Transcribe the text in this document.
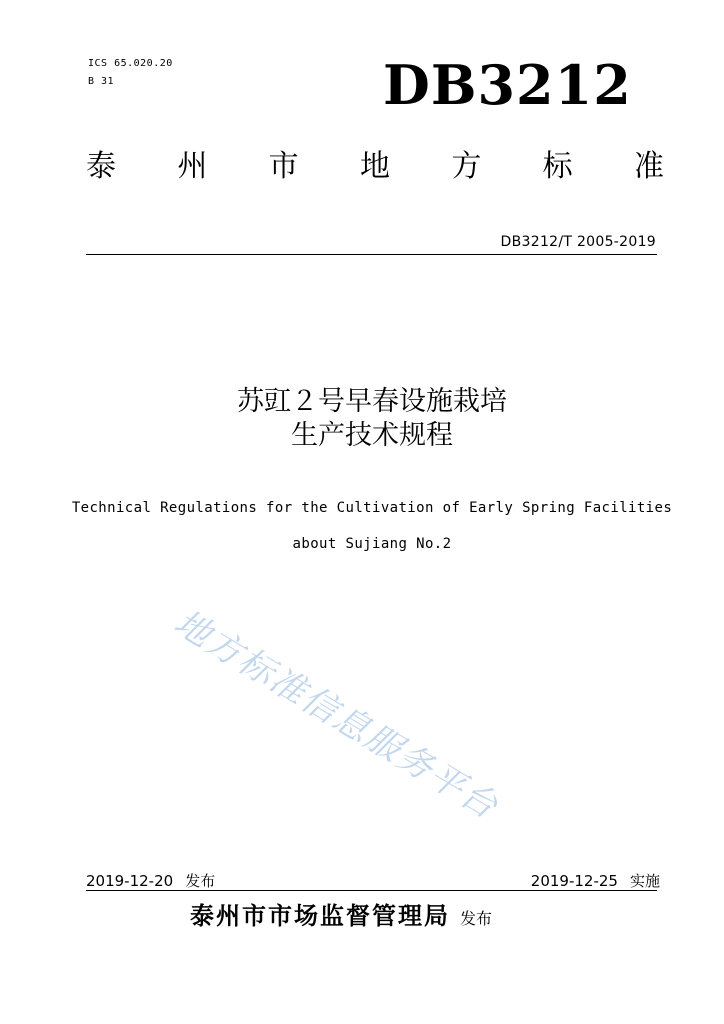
ICS 65.020.20
B 31	DB3212
泰 州 市 地 方 标 准
DB3212/T 2005-2019
苏豇２号早春设施栽培
生产技术规程
Technical Regulations for the Cultivation of Early Spring Facilities
about Sujiang No.2
地方标准信息服务平台
2019-12-20 发布	2019-12-25 实施
泰州市市场监督管理局 发布
